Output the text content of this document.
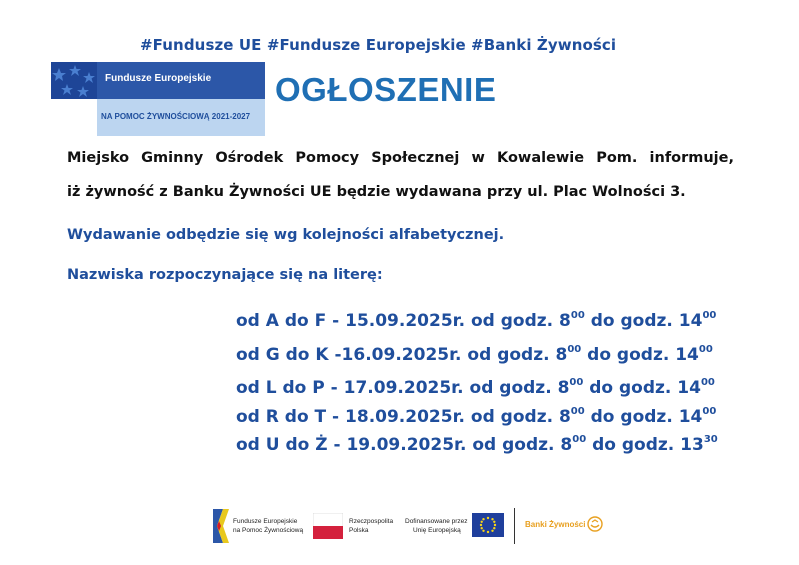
#Fundusze UE #Fundusze Europejskie #Banki Żywności
Fundusze Europejskie
NA POMOC ŻYWNOŚCIOWĄ 2021-2027
OGŁOSZENIE
Miejsko Gminny Ośrodek Pomocy Społecznej w Kowalewie Pom. informuje,
iż żywność z Banku Żywności UE będzie wydawana przy ul. Plac Wolności 3.
Wydawanie odbędzie się wg kolejności alfabetycznej.
Nazwiska rozpoczynające się na literę:
od A do F - 15.09.2025r. od godz. $8^{00}$ do godz. $14^{00}$
od G do K -16.09.2025r. od godz. $8^{00}$ do godz. $14^{00}$
od L do P - 17.09.2025r. od godz. $8^{00}$ do godz. $14^{00}$
od R do T - 18.09.2025r. od godz. $8^{00}$ do godz. $14^{00}$
od U do Ż - 19.09.2025r. od godz. $8^{00}$ do godz. $13^{30}$
Fundusze Europejskie
na Pomoc Żywnościową
Rzeczpospolita
Polska
Dofinansowane przez
Unię Europejską
Banki Żywności
